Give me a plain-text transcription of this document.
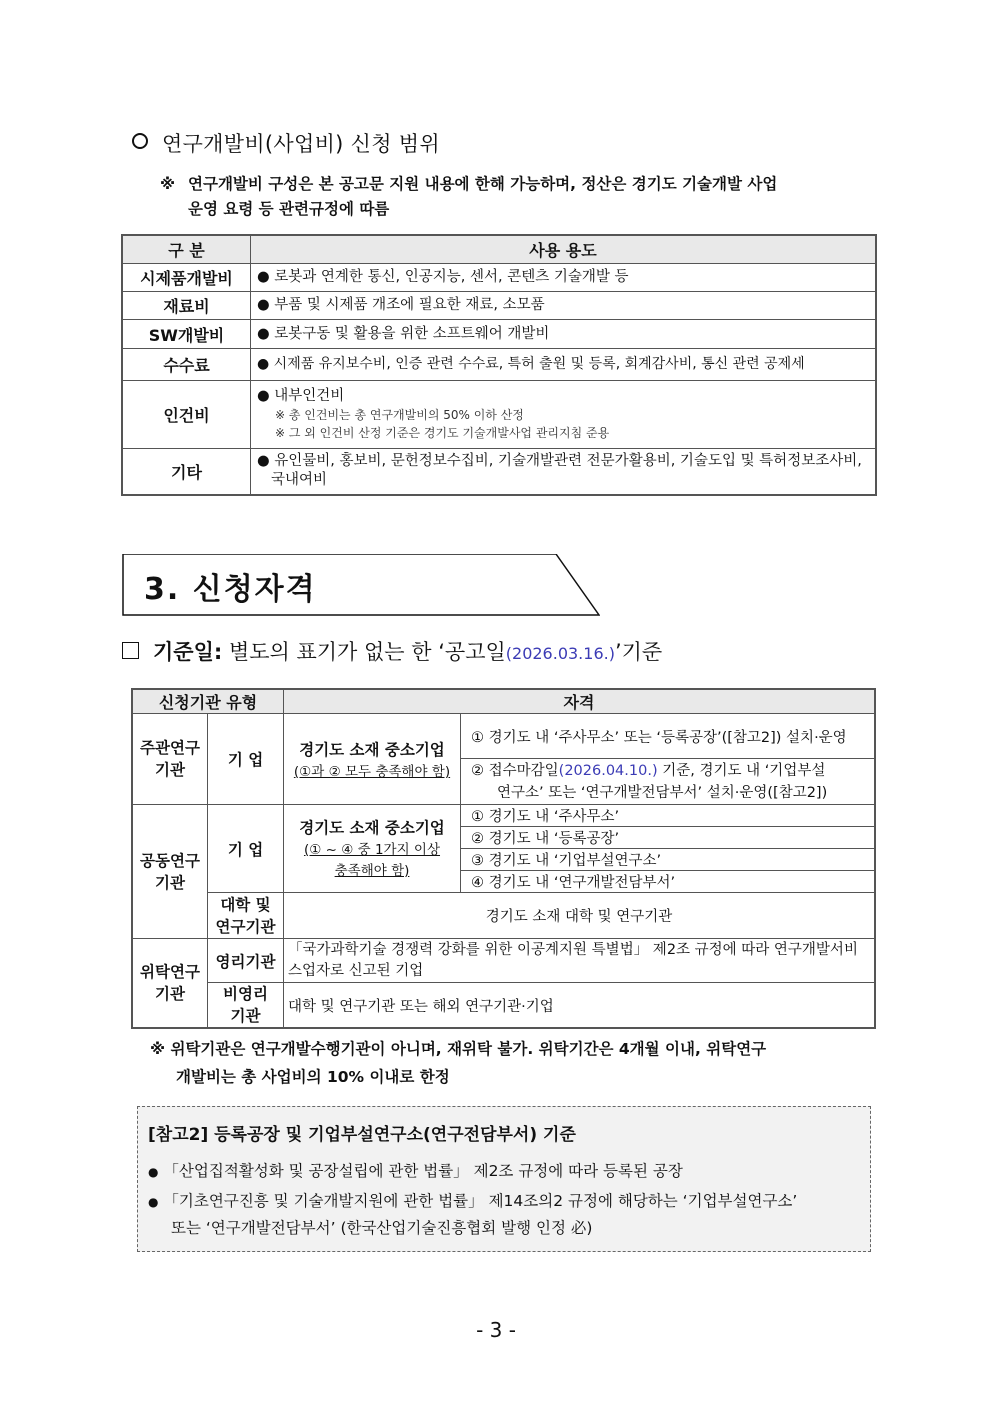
연구개발비(사업비) 신청 범위
※ 연구개발비 구성은 본 공고문 지원 내용에 한해 가능하며, 정산은 경기도 기술개발 사업
운영 요령 등 관련규정에 따름
구 분	사용 용도
시제품개발비	● 로봇과 연계한 통신, 인공지능, 센서, 콘텐츠 기술개발 등

재료비	● 부품 및 시제품 개조에 필요한 재료, 소모품

SW개발비	● 로봇구동 및 활용을 위한 소프트웨어 개발비

수수료	● 시제품 유지보수비, 인증 관련 수수료, 특허 출원 및 등록, 회계감사비, 통신 관련 공제세

인건비	● 내부인건비
※ 총 인건비는 총 연구개발비의 50% 이하 산정
※ 그 외 인건비 산정 기준은 경기도 기술개발사업 관리지침 준용

기타	● 유인물비, 홍보비, 문헌정보수집비, 기술개발관련 전문가활용비, 기술도입 및 특허정보조사비, 국내여비
3. 신청자격
기준일: 별도의 표기가 없는 한 ‘공고일(2026.03.16.)’기준
신청기관 유형		자격	
주관연구기관	기 업	경기도 소재 중소기업
(①과 ② 모두 충족해야 함)	① 경기도 내 ‘주사무소’ 또는 ‘등록공장’([참고2]) 설치·운영

			② 접수마감일(2026.04.10.) 기준, 경기도 내 ‘기업부설
연구소’ 또는 ‘연구개발전담부서’ 설치·운영([참고2])

공동연구기관	기 업	경기도 소재 중소기업
(① ~ ④ 중 1가지 이상 충족해야 함)	① 경기도 내 ‘주사무소’
			② 경기도 내 ‘등록공장’
			③ 경기도 내 ‘기업부설연구소’
			④ 경기도 내 ‘연구개발전담부서’
	대학 및 연구기관	경기도 소재 대학 및 연구기관	
위탁연구기관	영리기관	「국가과학기술 경쟁력 강화를 위한 이공계지원 특별법」 제2조 규정에 따라 연구개발서비스업자로 신고된 기업	
	비영리기관	대학 및 연구기관 또는 해외 연구기관·기업	
※ 위탁기관은 연구개발수행기관이 아니며, 재위탁 불가. 위탁기간은 4개월 이내, 위탁연구
개발비는 총 사업비의 10% 이내로 한정
[참고2] 등록공장 및 기업부설연구소(연구전담부서) 기준
● 「산업집적활성화 및 공장설립에 관한 법률」 제2조 규정에 따라 등록된 공장
● 「기초연구진흥 및 기술개발지원에 관한 법률」 제14조의2 규정에 해당하는 ‘기업부설연구소’
또는 ‘연구개발전담부서’ (한국산업기술진흥협회 발행 인정 必)
- 3 -
